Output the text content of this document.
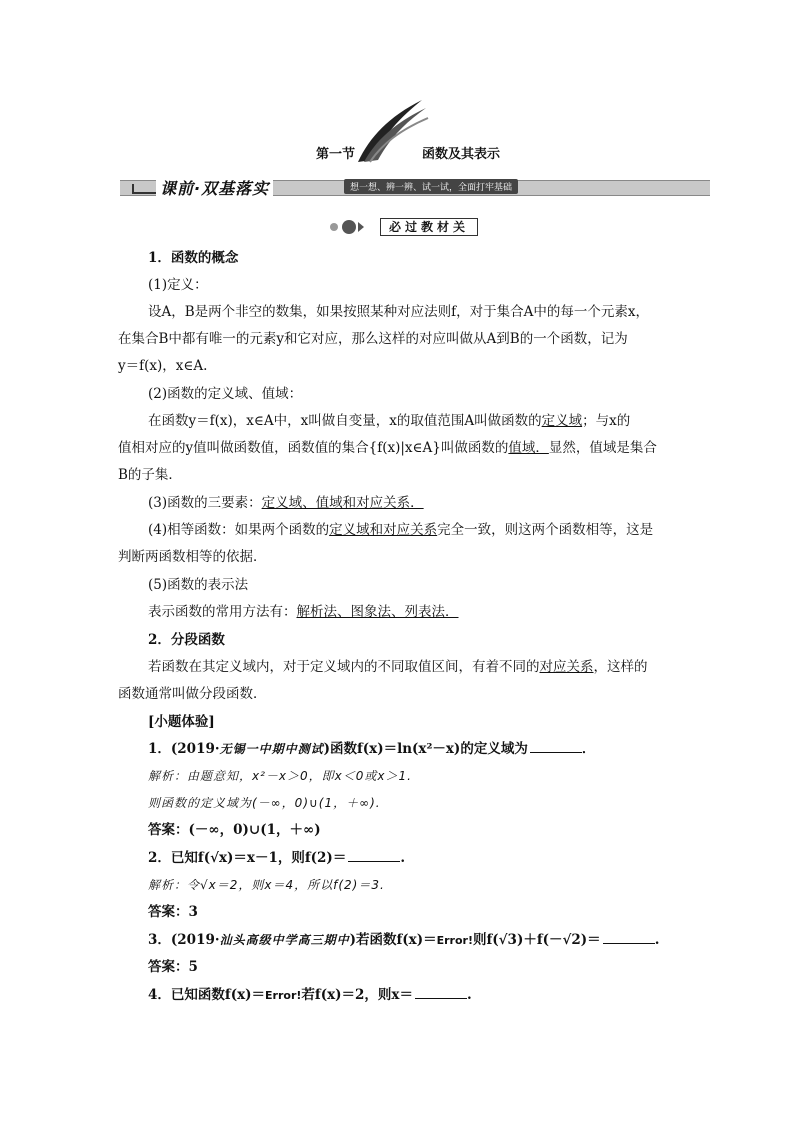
第一节	函数及其表示
课前·双基落实	想一想、辨一辨、试一试，全面打牢基础
必过教材关
1．函数的概念
(1)定义：
设A，B是两个非空的数集，如果按照某种对应法则f，对于集合A中的每一个元素x，
在集合B中都有唯一的元素y和它对应，那么这样的对应叫做从A到B的一个函数，记为
y＝f(x)，x∈A.
(2)函数的定义域、值域：
在函数y＝f(x)，x∈A中，x叫做自变量，x的取值范围A叫做函数的定义域；与x的
值相对应的y值叫做函数值，函数值的集合{f(x)|x∈A}叫做函数的值域．显然，值域是集合
B的子集．
(3)函数的三要素：定义域、值域和对应关系．
(4)相等函数：如果两个函数的定义域和对应关系完全一致，则这两个函数相等，这是
判断两函数相等的依据．
(5)函数的表示法
表示函数的常用方法有：解析法、图象法、列表法．
2．分段函数
若函数在其定义域内，对于定义域内的不同取值区间，有着不同的对应关系，这样的
函数通常叫做分段函数．
[小题体验]
1．(2019·无锡一中期中测试)函数f(x)＝ln(x²－x)的定义域为	．
解析：由题意知，x²－x＞0，即x＜0或x＞1.
则函数的定义域为(－∞，0)∪(1，＋∞).
答案：(－∞，0)∪(1，＋∞)
2．已知f(√x)＝x－1，则f(2)＝	.
解析：令√x＝2，则x＝4，所以f(2)＝3.
答案：3
3．(2019·汕头高级中学高三期中)若函数f(x)＝Error!则f(√3)＋f(－√2)＝	.
答案：5
4．已知函数f(x)＝Error!若f(x)＝2，则x＝	.
